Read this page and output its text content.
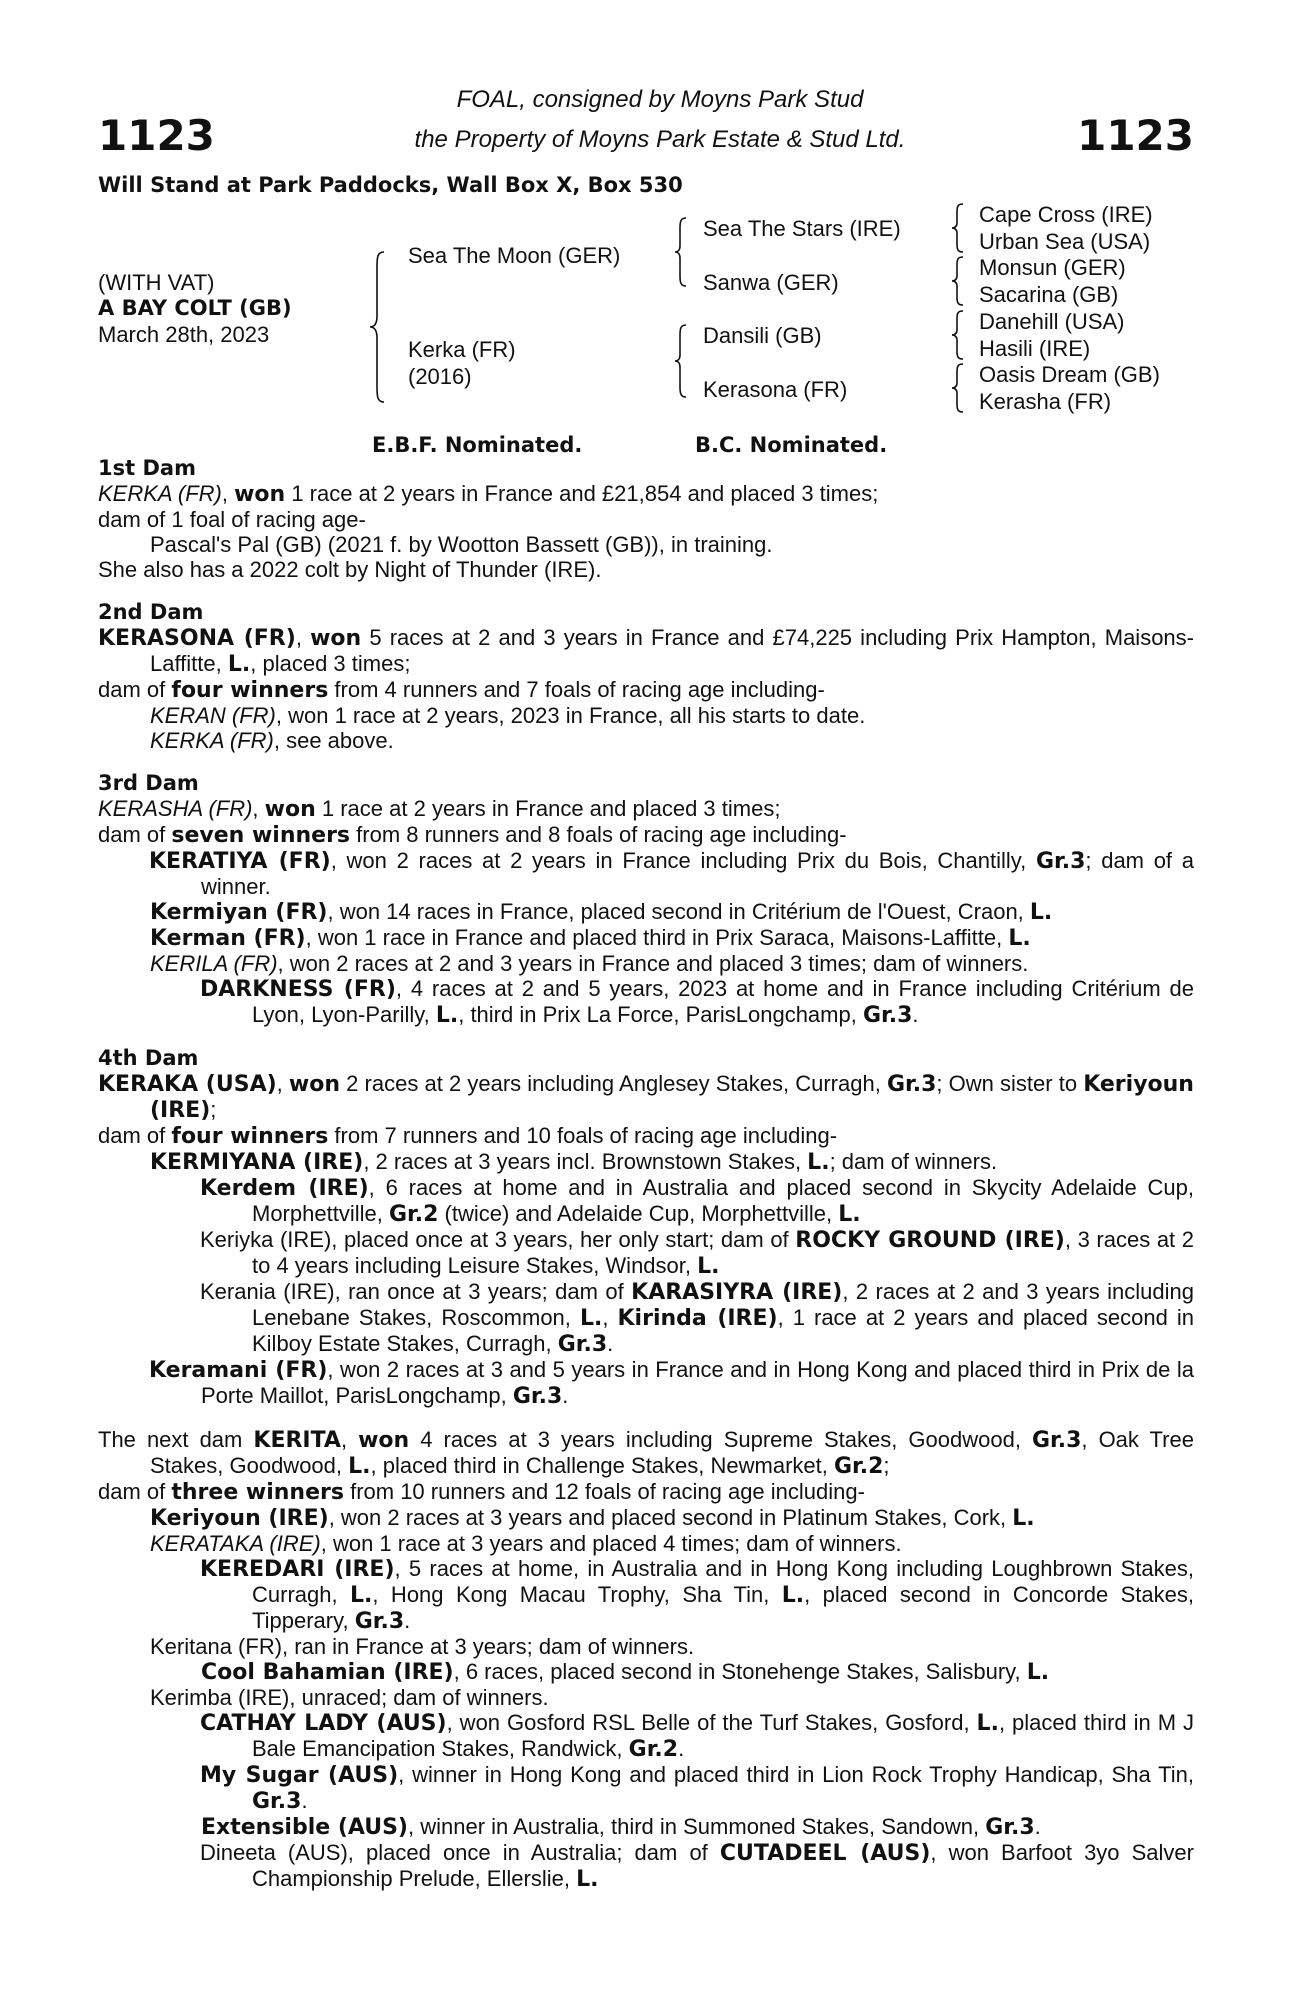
1123	1123
FOAL, consigned by Moyns Park Stud
the Property of Moyns Park Estate & Stud Ltd.
Will Stand at Park Paddocks, Wall Box X, Box 530
(WITH VAT)
A BAY COLT (GB)
March 28th, 2023
Sea The Moon (GER)
Kerka (FR)
(2016)
Sea The Stars (IRE)
Sanwa (GER)
Dansili (GB)
Kerasona (FR)
Cape Cross (IRE)
Urban Sea (USA)
Monsun (GER)
Sacarina (GB)
Danehill (USA)
Hasili (IRE)
Oasis Dream (GB)
Kerasha (FR)
E.B.F. Nominated.	B.C. Nominated.
1st Dam
KERKA (FR), won 1 race at 2 years in France and £21,854 and placed 3 times;
dam of 1 foal of racing age-
Pascal's Pal (GB) (2021 f. by Wootton Bassett (GB)), in training.
She also has a 2022 colt by Night of Thunder (IRE).
2nd Dam
KERASONA (FR), won 5 races at 2 and 3 years in France and £74,225 including Prix Hampton, Maisons-Laffitte, L., placed 3 times;
dam of four winners from 4 runners and 7 foals of racing age including-
KERAN (FR), won 1 race at 2 years, 2023 in France, all his starts to date.
KERKA (FR), see above.
3rd Dam
KERASHA (FR), won 1 race at 2 years in France and placed 3 times;
dam of seven winners from 8 runners and 8 foals of racing age including-
KERATIYA (FR), won 2 races at 2 years in France including Prix du Bois, Chantilly, Gr.3; dam of a winner.
Kermiyan (FR), won 14 races in France, placed second in Critérium de l'Ouest, Craon, L.
Kerman (FR), won 1 race in France and placed third in Prix Saraca, Maisons-Laffitte, L.
KERILA (FR), won 2 races at 2 and 3 years in France and placed 3 times; dam of winners.
DARKNESS (FR), 4 races at 2 and 5 years, 2023 at home and in France including Critérium de Lyon, Lyon-Parilly, L., third in Prix La Force, ParisLongchamp, Gr.3.
4th Dam
KERAKA (USA), won 2 races at 2 years including Anglesey Stakes, Curragh, Gr.3; Own sister to Keriyoun (IRE);
dam of four winners from 7 runners and 10 foals of racing age including-
KERMIYANA (IRE), 2 races at 3 years incl. Brownstown Stakes, L.; dam of winners.
Kerdem (IRE), 6 races at home and in Australia and placed second in Skycity Adelaide Cup, Morphettville, Gr.2 (twice) and Adelaide Cup, Morphettville, L.
Keriyka (IRE), placed once at 3 years, her only start; dam of ROCKY GROUND (IRE), 3 races at 2 to 4 years including Leisure Stakes, Windsor, L.
Kerania (IRE), ran once at 3 years; dam of KARASIYRA (IRE), 2 races at 2 and 3 years including Lenebane Stakes, Roscommon, L., Kirinda (IRE), 1 race at 2 years and placed second in Kilboy Estate Stakes, Curragh, Gr.3.
Keramani (FR), won 2 races at 3 and 5 years in France and in Hong Kong and placed third in Prix de la Porte Maillot, ParisLongchamp, Gr.3.
The next dam KERITA, won 4 races at 3 years including Supreme Stakes, Goodwood, Gr.3, Oak Tree Stakes, Goodwood, L., placed third in Challenge Stakes, Newmarket, Gr.2;
dam of three winners from 10 runners and 12 foals of racing age including-
Keriyoun (IRE), won 2 races at 3 years and placed second in Platinum Stakes, Cork, L.
KERATAKA (IRE), won 1 race at 3 years and placed 4 times; dam of winners.
KEREDARI (IRE), 5 races at home, in Australia and in Hong Kong including Loughbrown Stakes, Curragh, L., Hong Kong Macau Trophy, Sha Tin, L., placed second in Concorde Stakes, Tipperary, Gr.3.
Keritana (FR), ran in France at 3 years; dam of winners.
Cool Bahamian (IRE), 6 races, placed second in Stonehenge Stakes, Salisbury, L.
Kerimba (IRE), unraced; dam of winners.
CATHAY LADY (AUS), won Gosford RSL Belle of the Turf Stakes, Gosford, L., placed third in M J Bale Emancipation Stakes, Randwick, Gr.2.
My Sugar (AUS), winner in Hong Kong and placed third in Lion Rock Trophy Handicap, Sha Tin, Gr.3.
Extensible (AUS), winner in Australia, third in Summoned Stakes, Sandown, Gr.3.
Dineeta (AUS), placed once in Australia; dam of CUTADEEL (AUS), won Barfoot 3yo Salver Championship Prelude, Ellerslie, L.
